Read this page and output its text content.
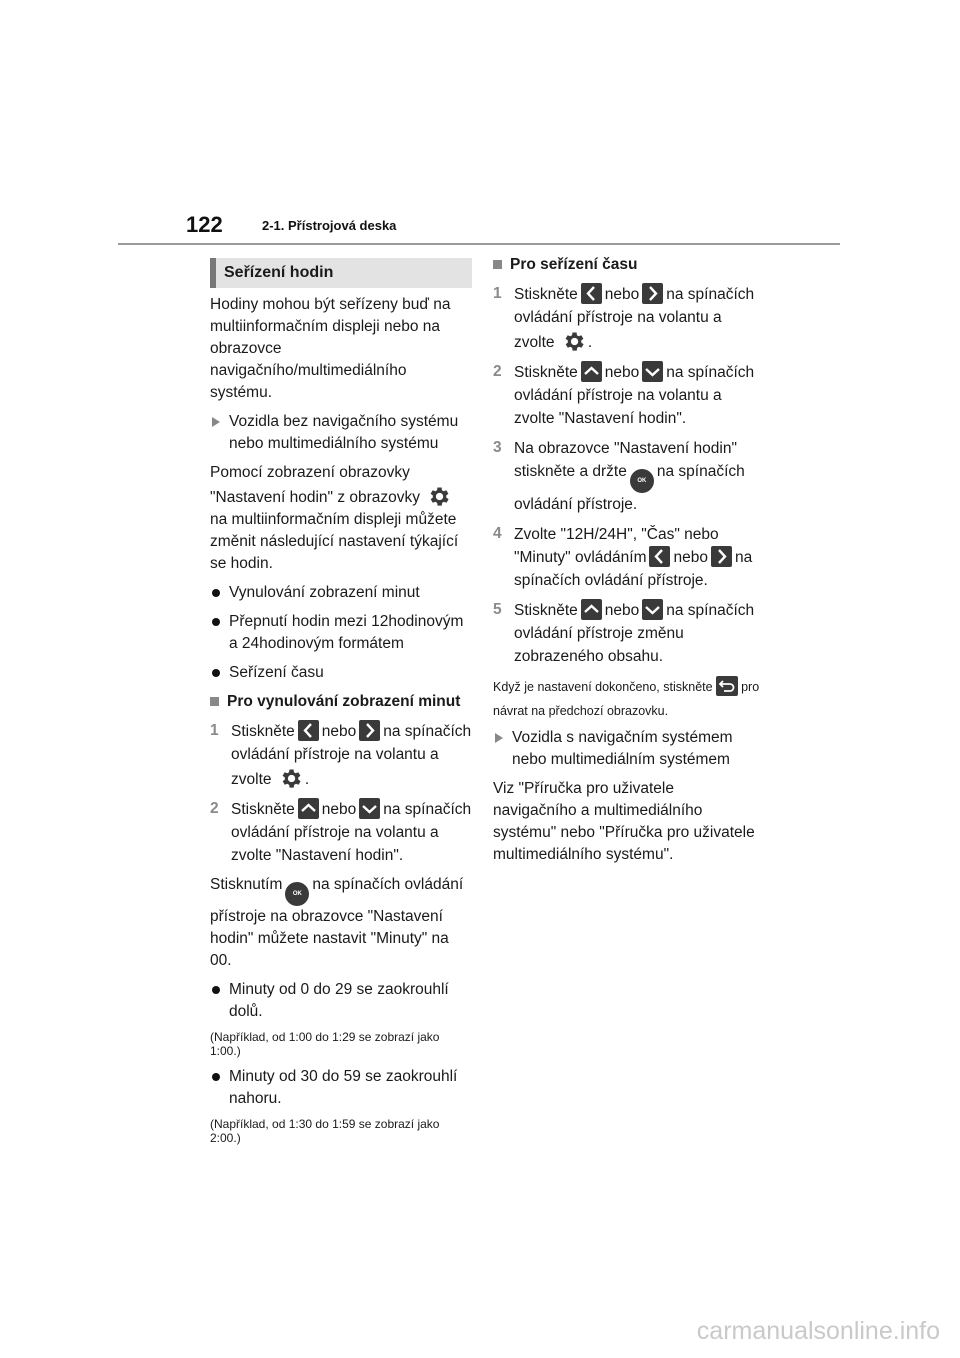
122	2-1. Přístrojová deska
Seřízení hodin

Hodiny mohou být seřízeny buď na multiinformačním displeji nebo na obrazovce navigačního/multimediálního systému.

Vozidla bez navigačního systému nebo multimediálního systému

Pomocí zobrazení obrazovky "Nastavení hodin" z obrazovky
na multiinformačním displeji můžete změnit následující nastavení týkající se hodin.

Vynulování zobrazení minut
Přepnutí hodin mezi 12hodinovým a 24hodinovým formátem
Seřízení času
Pro vynulování zobrazení minut
1 Stiskněte nebo na spínačích ovládání přístroje na volantu a zvolte .
2 Stiskněte nebo na spínačích ovládání přístroje na volantu a zvolte "Nastavení hodin".

StisknutímOKna spínačích ovládání přístroje na obrazovce "Nastavení hodin" můžete nastavit "Minuty" na 00.

Minuty od 0 do 29 se zaokrouhlí dolů.

(Například, od 1:00 do 1:29 se zobrazí jako 1:00.)

Minuty od 30 do 59 se zaokrouhlí nahoru.

(Například, od 1:30 do 1:59 se zobrazí jako 2:00.)

Pro seřízení času
1 Stiskněte nebo na spínačích ovládání přístroje na volantu a zvolte .
2 Stiskněte nebo na spínačích ovládání přístroje na volantu a zvolte "Nastavení hodin".
3 Na obrazovce "Nastavení hodin" stiskněte a držteOKna spínačích ovládání přístroje.
4 Zvolte "12H/24H", "Čas" nebo "Minuty" ovládáním nebo na spínačích ovládání přístroje.
5 Stiskněte nebo na spínačích ovládání přístroje změnu zobrazeného obsahu.

Když je nastavení dokončeno, stiskněte pro návrat na předchozí obrazovku.

Vozidla s navigačním systémem nebo multimediálním systémem

Viz "Příručka pro uživatele navigačního a multimediálního systému" nebo "Příručka pro uživatele multimediálního systému".

carmanualsonline.info
